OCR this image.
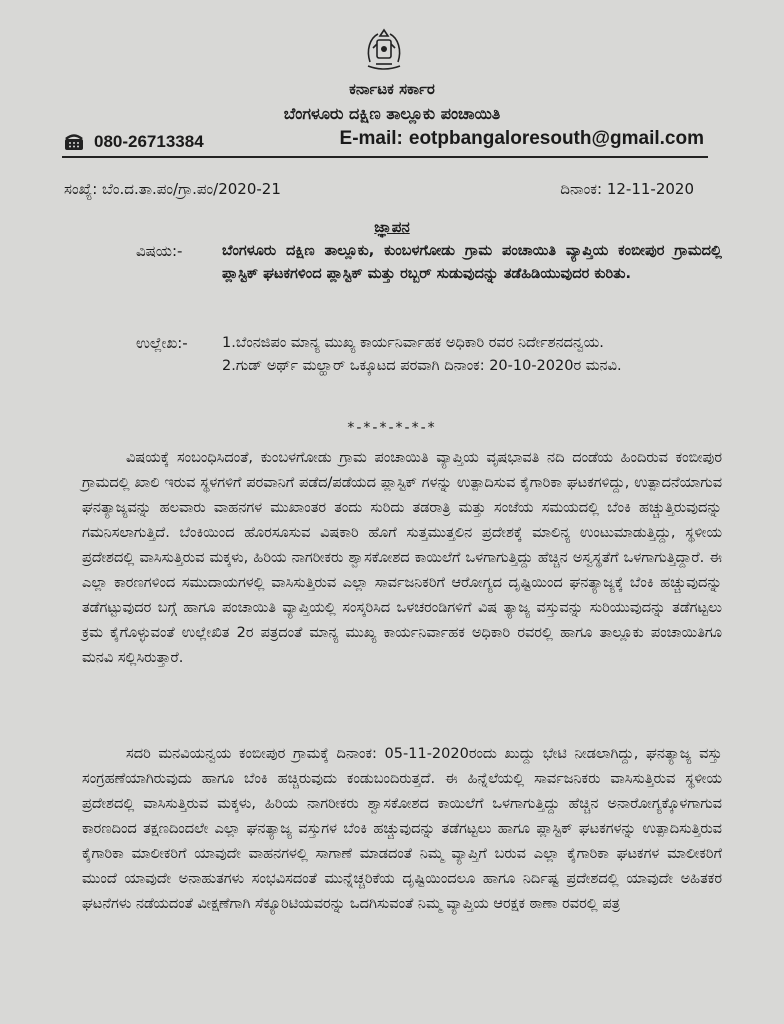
ಕರ್ನಾಟಕ ಸರ್ಕಾರ
ಬೆಂಗಳೂರು ದಕ್ಷಿಣ ತಾಲ್ಲೂಕು ಪಂಚಾಯಿತಿ
080-26713384	E-mail: eotpbangaloresouth@gmail.com
ಸಂಖ್ಯೆ: ಬೆಂ.ದ.ತಾ.ಪಂ/ಗ್ರಾ.ಪಂ/2020-21	ದಿನಾಂಕ: 12-11-2020
ಜ್ಞಾಪನ
ವಿಷಯ:-	ಬೆಂಗಳೂರು ದಕ್ಷಿಣ ತಾಲ್ಲೂಕು, ಕುಂಬಳಗೋಡು ಗ್ರಾಮ ಪಂಚಾಯಿತಿ ವ್ಯಾಪ್ತಿಯ ಕಂಬೀಪುರ ಗ್ರಾಮದಲ್ಲಿ ಪ್ಲಾಸ್ಟಿಕ್ ಘಟಕಗಳಿಂದ ಪ್ಲಾಸ್ಟಿಕ್ ಮತ್ತು ರಬ್ಬರ್ ಸುಡುವುದನ್ನು ತಡೆಹಿಡಿಯುವುದರ ಕುರಿತು.
ಉಲ್ಲೇಖ:- 1.ಬೆಂನಜಿಪಂ ಮಾನ್ಯ ಮುಖ್ಯ ಕಾರ್ಯನಿರ್ವಾಹಕ ಅಧಿಕಾರಿ ರವರ ನಿರ್ದೇಶನದನ್ವಯ.
2.ಗುಡ್ ಅರ್ಥ್ ಮಲ್ಹಾರ್ ಒಕ್ಕೂಟದ ಪರವಾಗಿ ದಿನಾಂಕ: 20-10-2020ರ ಮನವಿ.
*-*-*-*-*-*
ವಿಷಯಕ್ಕೆ ಸಂಬಂಧಿಸಿದಂತೆ, ಕುಂಬಳಗೋಡು ಗ್ರಾಮ ಪಂಚಾಯಿತಿ ವ್ಯಾಪ್ತಿಯ ವೃಷಭಾವತಿ ನದಿ ದಂಡೆಯ ಹಿಂದಿರುವ ಕಂಬೀಪುರ ಗ್ರಾಮದಲ್ಲಿ ಖಾಲಿ ಇರುವ ಸ್ಥಳಗಳಿಗೆ ಪರವಾನಿಗೆ ಪಡೆದ/ಪಡೆಯದ ಪ್ಲಾಸ್ಟಿಕ್ ಗಳನ್ನು ಉತ್ಪಾದಿಸುವ ಕೈಗಾರಿಕಾ ಘಟಕಗಳಿದ್ದು, ಉತ್ಪಾದನೆಯಾಗುವ ಘನತ್ಯಾಜ್ಯವನ್ನು ಹಲವಾರು ವಾಹನಗಳ ಮುಖಾಂತರ ತಂದು ಸುರಿದು ತಡರಾತ್ರಿ ಮತ್ತು ಸಂಜೆಯ ಸಮಯದಲ್ಲಿ ಬೆಂಕಿ ಹಚ್ಚುತ್ತಿರುವುದನ್ನು ಗಮನಿಸಲಾಗುತ್ತಿದೆ. ಬೆಂಕಿಯಿಂದ ಹೊರಸೂಸುವ ವಿಷಕಾರಿ ಹೊಗೆ ಸುತ್ತಮುತ್ತಲಿನ ಪ್ರದೇಶಕ್ಕೆ ಮಾಲಿನ್ಯ ಉಂಟುಮಾಡುತ್ತಿದ್ದು, ಸ್ಥಳೀಯ ಪ್ರದೇಶದಲ್ಲಿ ವಾಸಿಸುತ್ತಿರುವ ಮಕ್ಕಳು, ಹಿರಿಯ ನಾಗರೀಕರು ಶ್ವಾಸಕೋಶದ ಕಾಯಿಲೆಗೆ ಒಳಗಾಗುತ್ತಿದ್ದು ಹೆಚ್ಚಿನ ಅಸ್ವಸ್ಥತೆಗೆ ಒಳಗಾಗುತ್ತಿದ್ದಾರೆ. ಈ ಎಲ್ಲಾ ಕಾರಣಗಳಿಂದ ಸಮುದಾಯಗಳಲ್ಲಿ ವಾಸಿಸುತ್ತಿರುವ ಎಲ್ಲಾ ಸಾರ್ವಜನಿಕರಿಗೆ ಆರೋಗ್ಯದ ದೃಷ್ಟಿಯಿಂದ ಘನತ್ಯಾಜ್ಯಕ್ಕೆ ಬೆಂಕಿ ಹಚ್ಚುವುದನ್ನು ತಡೆಗಟ್ಟುವುದರ ಬಗ್ಗೆ ಹಾಗೂ ಪಂಚಾಯಿತಿ ವ್ಯಾಪ್ತಿಯಲ್ಲಿ ಸಂಸ್ಕರಿಸಿದ ಒಳಚರಂಡಿಗಳಿಗೆ ವಿಷ ತ್ಯಾಜ್ಯ ವಸ್ತುವನ್ನು ಸುರಿಯುವುದನ್ನು ತಡೆಗಟ್ಟಲು ಕ್ರಮ ಕೈಗೊಳ್ಳುವಂತೆ ಉಲ್ಲೇಖಿತ 2ರ ಪತ್ರದಂತೆ ಮಾನ್ಯ ಮುಖ್ಯ ಕಾರ್ಯನಿರ್ವಾಹಕ ಅಧಿಕಾರಿ ರವರಲ್ಲಿ ಹಾಗೂ ತಾಲ್ಲೂಕು ಪಂಚಾಯಿತಿಗೂ ಮನವಿ ಸಲ್ಲಿಸಿರುತ್ತಾರೆ.
ಸದರಿ ಮನವಿಯನ್ವಯ ಕಂಬೀಪುರ ಗ್ರಾಮಕ್ಕೆ ದಿನಾಂಕ: 05-11-2020ರಂದು ಖುದ್ದು ಭೇಟಿ ನೀಡಲಾಗಿದ್ದು, ಘನತ್ಯಾಜ್ಯ ವಸ್ತು ಸಂಗ್ರಹಣೆಯಾಗಿರುವುದು ಹಾಗೂ ಬೆಂಕಿ ಹಚ್ಚಿರುವುದು ಕಂಡುಬಂದಿರುತ್ತದೆ. ಈ ಹಿನ್ನೆಲೆಯಲ್ಲಿ ಸಾರ್ವಜನಿಕರು ವಾಸಿಸುತ್ತಿರುವ ಸ್ಥಳೀಯ ಪ್ರದೇಶದಲ್ಲಿ ವಾಸಿಸುತ್ತಿರುವ ಮಕ್ಕಳು, ಹಿರಿಯ ನಾಗರೀಕರು ಶ್ವಾಸಕೋಶದ ಕಾಯಿಲೆಗೆ ಒಳಗಾಗುತ್ತಿದ್ದು ಹೆಚ್ಚಿನ ಅನಾರೋಗ್ಯಕ್ಕೊಳಗಾಗುವ ಕಾರಣದಿಂದ ತಕ್ಷಣದಿಂದಲೇ ಎಲ್ಲಾ ಘನತ್ಯಾಜ್ಯ ವಸ್ತುಗಳ ಬೆಂಕಿ ಹಚ್ಚುವುದನ್ನು ತಡೆಗಟ್ಟಲು ಹಾಗೂ ಪ್ಲಾಸ್ಟಿಕ್ ಘಟಕಗಳನ್ನು ಉತ್ಪಾದಿಸುತ್ತಿರುವ ಕೈಗಾರಿಕಾ ಮಾಲೀಕರಿಗೆ ಯಾವುದೇ ವಾಹನಗಳಲ್ಲಿ ಸಾಗಾಣೆ ಮಾಡದಂತೆ ನಿಮ್ಮ ವ್ಯಾಪ್ತಿಗೆ ಬರುವ ಎಲ್ಲಾ ಕೈಗಾರಿಕಾ ಘಟಕಗಳ ಮಾಲೀಕರಿಗೆ ಮುಂದೆ ಯಾವುದೇ ಅನಾಹುತಗಳು ಸಂಭವಿಸದಂತೆ ಮುನ್ನೆಚ್ಚರಿಕೆಯ ದೃಷ್ಟಿಯಿಂದಲೂ ಹಾಗೂ ನಿರ್ದಿಷ್ಟ ಪ್ರದೇಶದಲ್ಲಿ ಯಾವುದೇ ಅಹಿತಕರ ಘಟನೆಗಳು ನಡೆಯದಂತೆ ವೀಕ್ಷಣೆಗಾಗಿ ಸೆಕ್ಯೂರಿಟಿಯವರನ್ನು ಒದಗಿಸುವಂತೆ ನಿಮ್ಮ ವ್ಯಾಪ್ತಿಯ ಆರಕ್ಷಕ ಠಾಣಾ ರವರಲ್ಲಿ ಪತ್ರ
